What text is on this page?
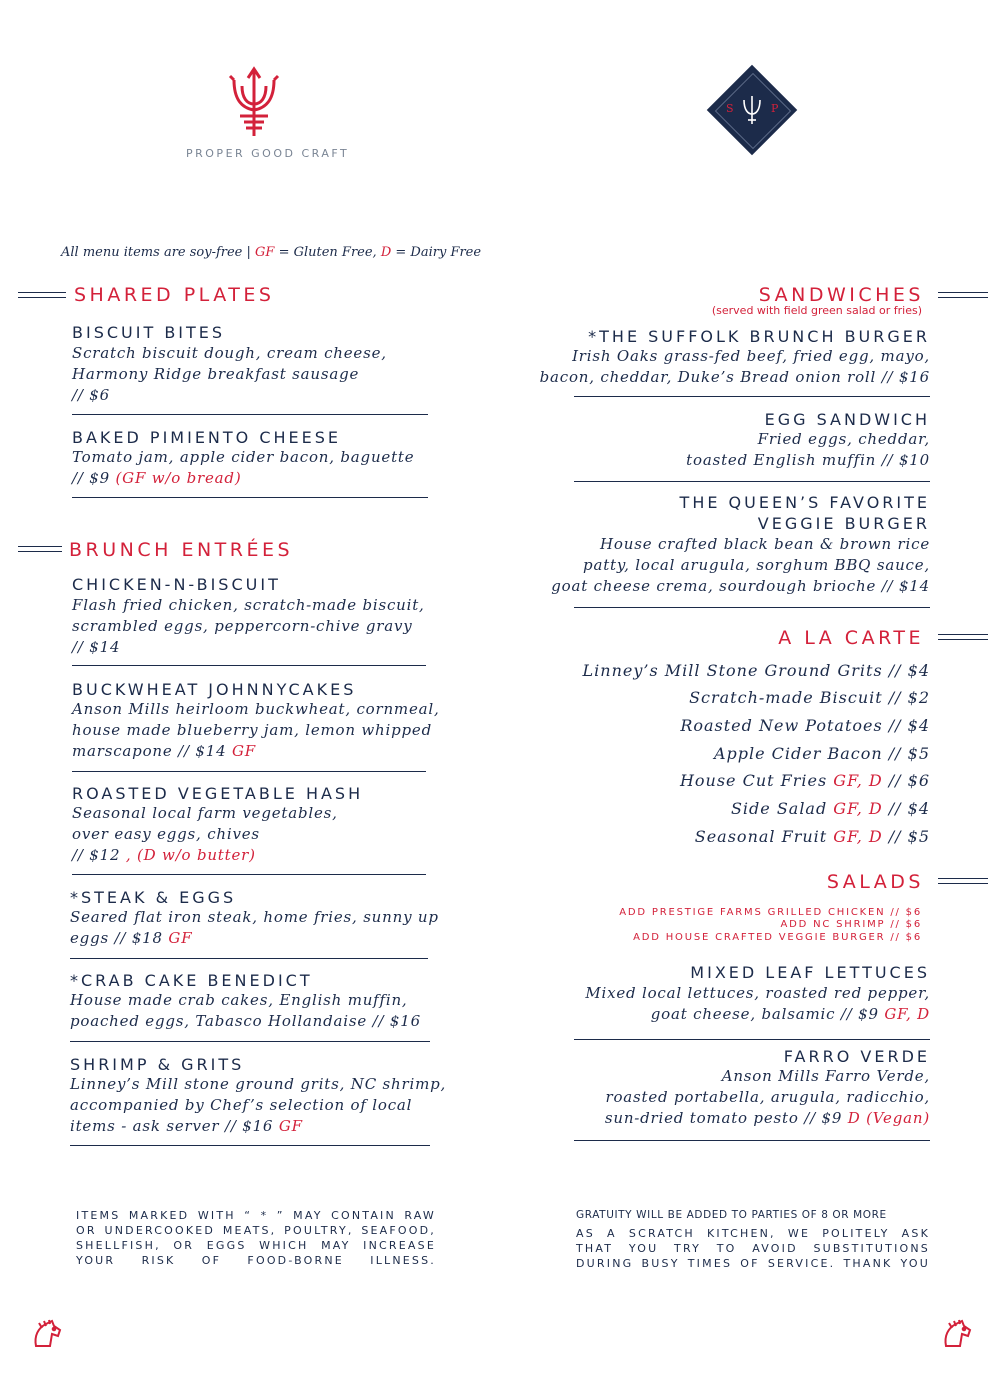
PROPER GOOD CRAFT
S	P
All menu items are soy-free | GF = Gluten Free, D = Dairy Free
SHARED PLATES
BISCUIT BITES
Scratch biscuit dough, cream cheese,
Harmony Ridge breakfast sausage
// $6
BAKED PIMIENTO CHEESE
Tomato jam, apple cider bacon, baguette
// $9 (GF w/o bread)
BRUNCH ENTRÉES
CHICKEN-N-BISCUIT
Flash fried chicken, scratch-made biscuit,
scrambled eggs, peppercorn-chive gravy
// $14
BUCKWHEAT JOHNNYCAKES
Anson Mills heirloom buckwheat, cornmeal,
house made blueberry jam, lemon whipped
marscapone // $14 GF
ROASTED VEGETABLE HASH
Seasonal local farm vegetables,
over easy eggs, chives
// $12 , (D w/o butter)
*STEAK & EGGS
Seared flat iron steak, home fries, sunny up
eggs // $18 GF
*CRAB CAKE BENEDICT
House made crab cakes, English muffin,
poached eggs, Tabasco Hollandaise // $16
SHRIMP & GRITS
Linney’s Mill stone ground grits, NC shrimp,
accompanied by Chef’s selection of local
items - ask server // $16 GF
SANDWICHES
(served with field green salad or fries)
*THE SUFFOLK BRUNCH BURGER
Irish Oaks grass-fed beef, fried egg, mayo,
bacon, cheddar, Duke’s Bread onion roll // $16
EGG SANDWICH
Fried eggs, cheddar,
toasted English muffin // $10
THE QUEEN’S FAVORITE
VEGGIE BURGER
House crafted black bean & brown rice
patty, local arugula, sorghum BBQ sauce,
goat cheese crema, sourdough brioche // $14
A LA CARTE
Linney’s Mill Stone Ground Grits // $4
Scratch-made Biscuit // $2
Roasted New Potatoes // $4
Apple Cider Bacon // $5
House Cut Fries GF, D // $6
Side Salad GF, D // $4
Seasonal Fruit GF, D // $5
SALADS
ADD PRESTIGE FARMS GRILLED CHICKEN // $6
ADD NC SHRIMP // $6
ADD HOUSE CRAFTED VEGGIE BURGER // $6
MIXED LEAF LETTUCES
Mixed local lettuces, roasted red pepper,
goat cheese, balsamic // $9 GF, D
FARRO VERDE
Anson Mills Farro Verde,
roasted portabella, arugula, radicchio,
sun-dried tomato pesto // $9 D (Vegan)
ITEMS MARKED WITH “ * ” MAY CONTAIN RAW OR UNDERCOOKED MEATS, POULTRY, SEAFOOD, SHELLFISH, OR EGGS WHICH MAY INCREASE YOUR RISK OF FOOD-BORNE ILLNESS.
GRATUITY WILL BE ADDED TO PARTIES OF 8 OR MORE
AS A SCRATCH KITCHEN, WE POLITELY ASK THAT YOU TRY TO AVOID SUBSTITUTIONS DURING BUSY TIMES OF SERVICE. THANK YOU
